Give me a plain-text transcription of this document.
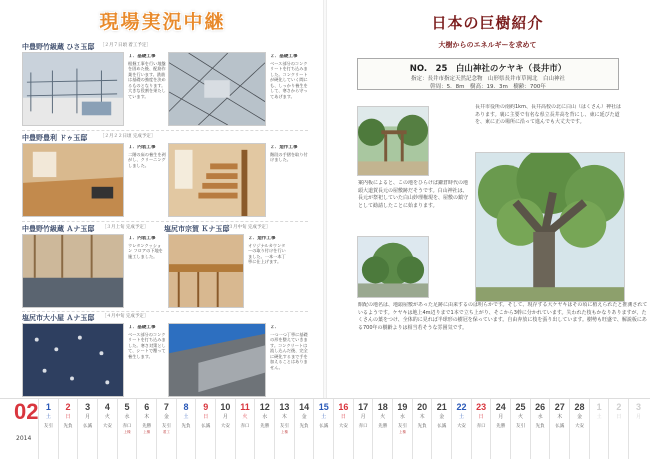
現場実況中継
中豊野竹級蔵 ひさ玉邸 ［２月７日頃 着工予定］
１．基礎工事
根掘工事を行い地盤を固めた後、配筋作業を行います。鉄筋は基礎の強度を決めるものとなります。大きな役割を果たしています。
２．基礎工事
ベース部分のコンクリートを打ち込みました。コンクリートが硬化していく間にも、しっかり養生をして、寒さから守ってあげます。
中豊野豊利 ドゥ玉邸	［２月２２日頃 完成予定］
１．内装工事
二階の床の養生を剥がし、クリーニングしました。
２．造作工事
階段の手摺を取り付けました。
中豊野竹級蔵 Ａナ玉邸 ［３月上旬 完成予定］
１．内装工事
ウレタンクッション フロアの下地を施工しました。
塩尻市宗賀 Ｋナ玉邸
［３月中旬 完成予定］
２．造作工事
オリジナルカウンターの取り付けを行いました。一本一本丁寧に仕上げます。
塩尻市大小屋 Ａナ玉邸 ［４月中旬 完成予定］
１．基礎工事
ベース部分のコンクリートを打ち込みました。寒さ対策として、シートで覆って養生します。
２．
一つ一つ丁寧に基礎の形を整えていきます。コンクリートは流し込んだ後、完全に硬化するまで手を加えることはありません。
日本の巨樹紹介
大樹からのエネルギーを求めて
NO.　25　白山神社のケヤキ（長井市）
指定：長井市指定天然記念物　山形県長井市草岡北　白山神社
幹周：5．8m　樹高：19．3m　樹齢：700年
案内板によると、この地をひらけば鎌倉時代の地頭大道賀長元の屋敷跡だそうです。白山神社は、長元が祭祀していた白山妙理権現を、屋敷の鎮守として勧請したことに始まります。
館配の地名は、地頭屋敷があった足跡に由来するのは明らかです。そして、現存する大ケヤキはその頃に植えられたと推測されているようです。ケヤキは地上4m辺りまで1本で立ち上がり、そこから3幹に分かれています。失われた枝もかなりありますが、たくさんの葉をつけ、全体的に見れば半球形の樹冠を保っています。自由奔放に枝を張り出しています。樹勢も旺盛で、解説板にある700年の樹齢よりは相当若そうな雰囲気です。
長井市役所の南約1km、長井高校の北に白山（はくさん）神社はあります。裏に主要で有名な県立長井高を背にし、東に延びた道を、東に正の場所に沿って進んでも大丈夫です。
02
2014
1
土
友引
2
日
先負
3
月
仏滅
4
火
大安
5
水
赤口
上棟
6
木
先勝
上棟
7
金
友引
着工
8
土
先負
9
日
仏滅
10
月
大安
11
火
赤口
12
水
先勝
13
木
友引
上棟
14
金
先負
15
土
仏滅
16
日
大安
17
月
赤口
18
火
先勝
19
水
友引
上棟
20
木
先負
21
金
仏滅
22
土
大安
23
日
赤口
24
月
先勝
25
火
友引
26
水
先負
27
木
仏滅
28
金
大安
1
土
2
日
3
月
